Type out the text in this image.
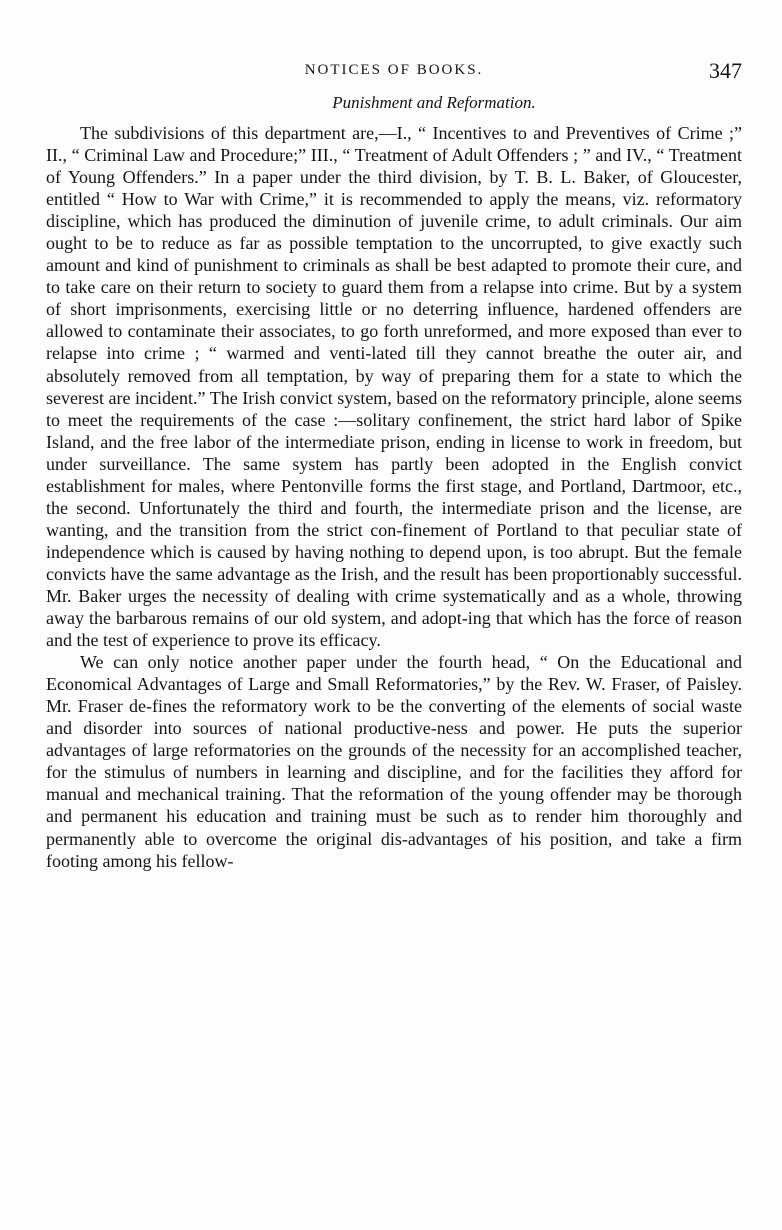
NOTICES OF BOOKS.	347
Punishment and Reformation.

The subdivisions of this department are,—I., “ Incentives to and Preventives of Crime ;” II., “ Criminal Law and Procedure;” III., “ Treatment of Adult Offenders ; ” and IV., “ Treatment of Young Offenders.” In a paper under the third division, by T. B. L. Baker, of Gloucester, entitled “ How to War with Crime,” it is recommended to apply the means, viz. reformatory discipline, which has produced the diminution of juvenile crime, to adult criminals. Our aim ought to be to reduce as far as possible temptation to the uncorrupted, to give exactly such amount and kind of punishment to criminals as shall be best adapted to promote their cure, and to take care on their return to society to guard them from a relapse into crime. But by a system of short imprisonments, exercising little or no deterring influence, hardened offenders are allowed to contaminate their associates, to go forth unreformed, and more exposed than ever to relapse into crime ; “ warmed and venti-lated till they cannot breathe the outer air, and absolutely removed from all temptation, by way of preparing them for a state to which the severest are incident.” The Irish convict system, based on the reformatory principle, alone seems to meet the requirements of the case :—solitary confinement, the strict hard labor of Spike Island, and the free labor of the intermediate prison, ending in license to work in freedom, but under surveillance. The same system has partly been adopted in the English convict establishment for males, where Pentonville forms the first stage, and Portland, Dartmoor, etc., the second. Unfortunately the third and fourth, the intermediate prison and the license, are wanting, and the transition from the strict con-finement of Portland to that peculiar state of independence which is caused by having nothing to depend upon, is too abrupt. But the female convicts have the same advantage as the Irish, and the result has been proportionably successful. Mr. Baker urges the necessity of dealing with crime systematically and as a whole, throwing away the barbarous remains of our old system, and adopt-ing that which has the force of reason and the test of experience to prove its efficacy.

We can only notice another paper under the fourth head, “ On the Educational and Economical Advantages of Large and Small Reformatories,” by the Rev. W. Fraser, of Paisley. Mr. Fraser de-fines the reformatory work to be the converting of the elements of social waste and disorder into sources of national productive-ness and power. He puts the superior advantages of large reformatories on the grounds of the necessity for an accomplished teacher, for the stimulus of numbers in learning and discipline, and for the facilities they afford for manual and mechanical training. That the reformation of the young offender may be thorough and permanent his education and training must be such as to render him thoroughly and permanently able to overcome the original dis-advantages of his position, and take a firm footing among his fellow-
